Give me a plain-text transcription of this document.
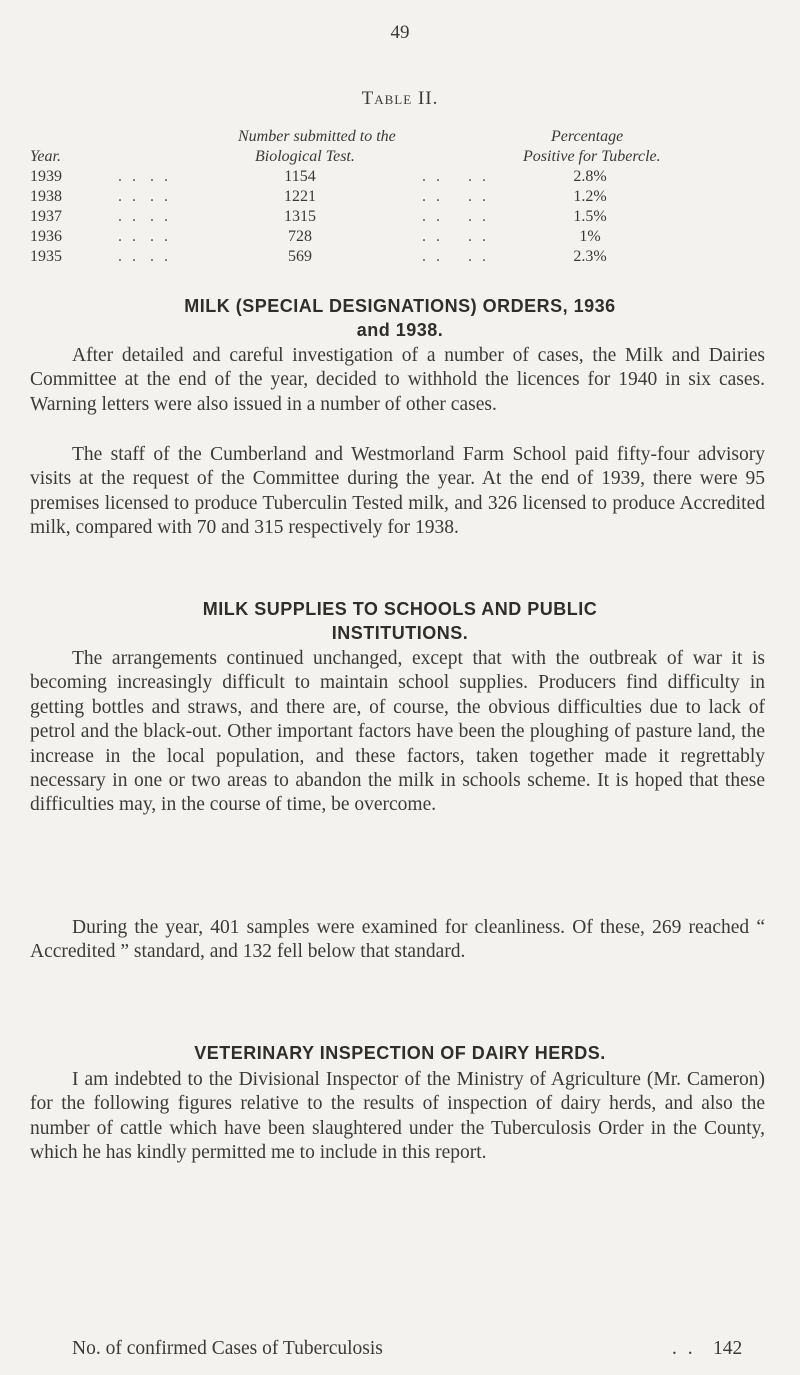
49
Table II.
Number submitted to the	Percentage
Year.	Biological Test.	Positive for Tubercle.
1939	. . . .	1154	. . . .	2.8%
1938	. . . .	1221	. . . .	1.2%
1937	. . . .	1315	. . . .	1.5%
1936	. . . .	728	. . . .	1%
1935	. . . .	569	. . . .	2.3%
MILK (SPECIAL DESIGNATIONS) ORDERS, 1936
and 1938.
After detailed and careful investigation of a number of cases, the Milk and Dairies Committee at the end of the year, decided to withhold the licences for 1940 in six cases. Warning letters were also issued in a number of other cases.
The staff of the Cumberland and Westmorland Farm School paid fifty-four advisory visits at the request of the Committee during the year. At the end of 1939, there were 95 premises licensed to produce Tuberculin Tested milk, and 326 licensed to produce Accredited milk, compared with 70 and 315 respectively for 1938.
MILK SUPPLIES TO SCHOOLS AND PUBLIC
INSTITUTIONS.
The arrangements continued unchanged, except that with the outbreak of war it is becoming increasingly difficult to maintain school supplies. Producers find difficulty in getting bottles and straws, and there are, of course, the obvious difficulties due to lack of petrol and the black-out. Other important factors have been the ploughing of pasture land, the increase in the local population, and these factors, taken together made it regrettably necessary in one or two areas to abandon the milk in schools scheme. It is hoped that these difficulties may, in the course of time, be overcome.
During the year, 401 samples were examined for cleanliness. Of these, 269 reached “ Accredited ” standard, and 132 fell below that standard.
VETERINARY INSPECTION OF DAIRY HERDS.
I am indebted to the Divisional Inspector of the Ministry of Agriculture (Mr. Cameron) for the following figures relative to the results of inspection of dairy herds, and also the number of cattle which have been slaughtered under the Tuberculosis Order in the County, which he has kindly permitted me to include in this report.
No. of confirmed Cases of Tuberculosis	. . 142
